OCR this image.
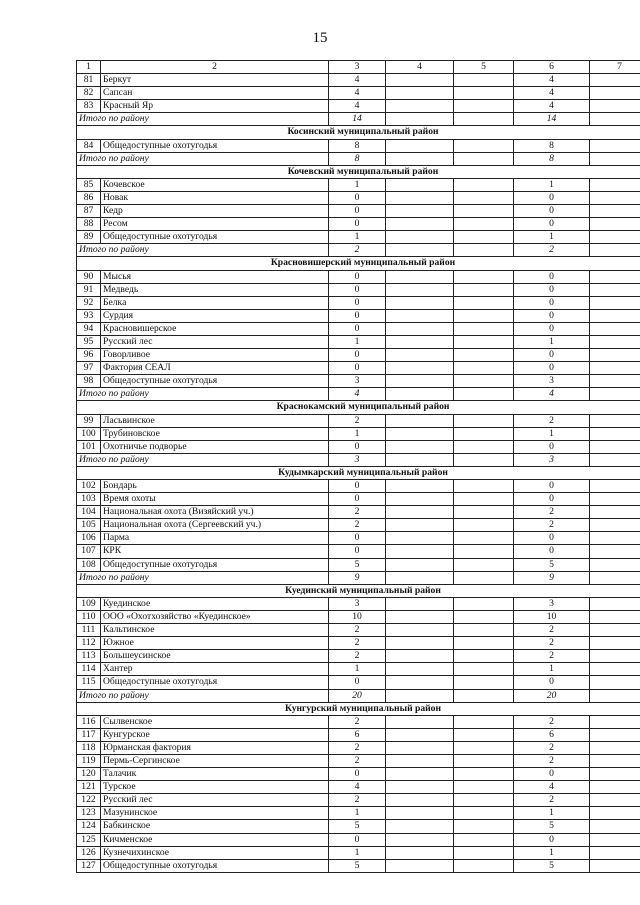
15
1	2	3	4	5	6	7
81	Беркут	4			4	
82	Сапсан	4			4	
83	Красный Яр	4			4	
Итого по району		14			14	
Косинский муниципальный район						
84	Общедоступные охотугодья	8			8	
Итого по району		8			8	
Кочевский муниципальный район						
85	Кочевское	1			1	
86	Новак	0			0	
87	Кедр	0			0	
88	Ресом	0			0	
89	Общедоступные охотугодья	1			1	
Итого по району		2			2	
Красновишерский муниципальный район						
90	Мысья	0			0	
91	Медведь	0			0	
92	Белка	0			0	
93	Сурдия	0			0	
94	Красновишерское	0			0	
95	Русский лес	1			1	
96	Говорливое	0			0	
97	Фактория СЕАЛ	0			0	
98	Общедоступные охотугодья	3			3	
Итого по району		4			4	
Краснокамский муниципальный район						
99	Ласьвинское	2			2	
100	Трубиновское	1			1	
101	Охотничье подворье	0			0	
Итого по району		3			3	
Кудымкарский муниципальный район						
102	Бондарь	0			0	
103	Время охоты	0			0	
104	Национальная охота (Визяйский уч.)	2			2	
105	Национальная охота (Сергеевский уч.)	2			2	
106	Парма	0			0	
107	КРК	0			0	
108	Общедоступные охотугодья	5			5	
Итого по району		9			9	
Куединский муниципальный район						
109	Куединское	3			3	
110	ООО «Охотхозяйство «Куединское»	10			10	
111	Кальтинское	2			2	
112	Южное	2			2	
113	Большеусинское	2			2	
114	Хантер	1			1	
115	Общедоступные охотугодья	0			0	
Итого по району		20			20	
Кунгурский муниципальный район						
116	Сылвенское	2			2	
117	Кунгурское	6			6	
118	Юрманская фактория	2			2	
119	Пермь-Сергинское	2			2	
120	Талачик	0			0	
121	Турское	4			4	
122	Русский лес	2			2	
123	Мазунинское	1			1	
124	Бабкинское	5			5	
125	Кичменское	0			0	
126	Кузнечихинское	1			1	
127	Общедоступные охотугодья	5			5	
